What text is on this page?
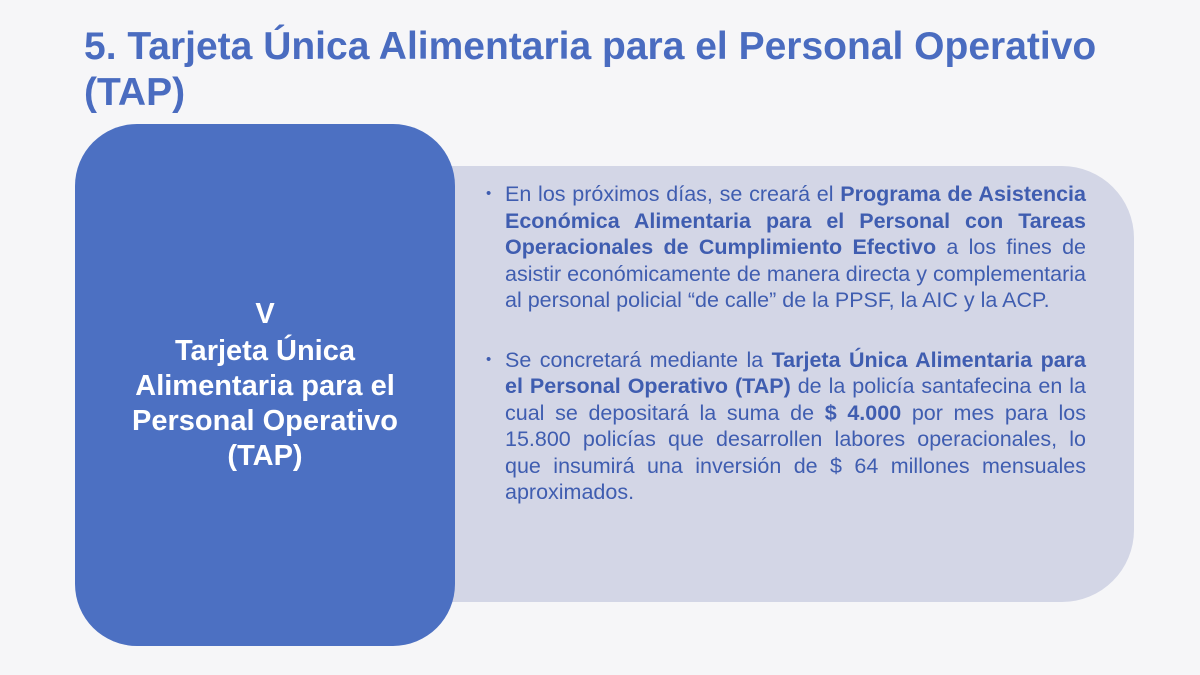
5. Tarjeta Única Alimentaria para el Personal Operativo (TAP)
• En los próximos días, se creará el Programa de Asistencia Económica Alimentaria para el Personal con Tareas Operacionales de Cumplimiento Efectivo a los fines de asistir económicamente de manera directa y complementaria al personal policial “de calle” de la PPSF, la AIC y la ACP.
• Se concretará mediante la Tarjeta Única Alimentaria para el Personal Operativo (TAP) de la policía santafecina en la cual se depositará la suma de $ 4.000 por mes para los 15.800 policías que desarrollen labores operacionales, lo que insumirá una inversión de $ 64 millones mensuales aproximados.
V
Tarjeta Única
Alimentaria para el
Personal Operativo
(TAP)
